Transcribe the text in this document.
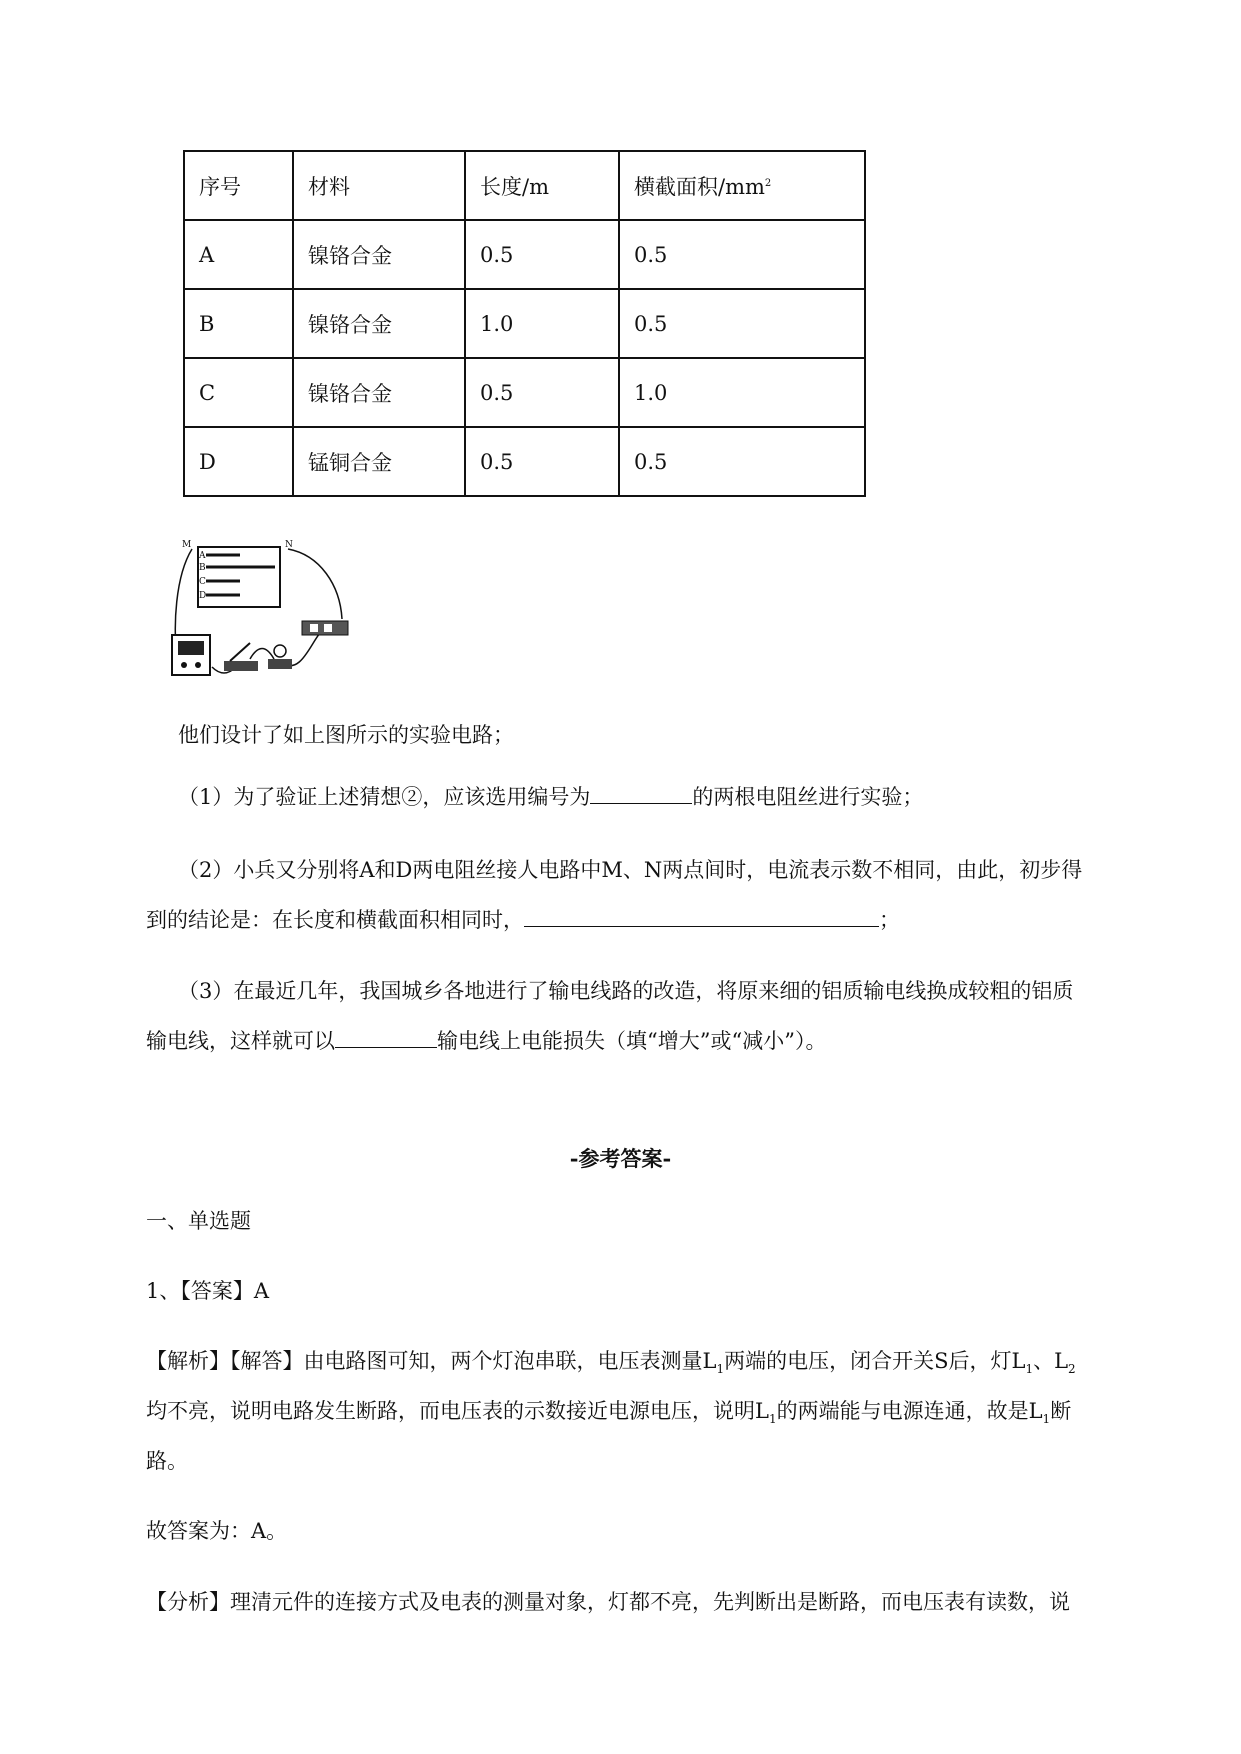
序号	材料	长度/m	横截面积$/mm^2$
A	镍铬合金	0.5	0.5
B	镍铬合金	1.0	0.5
C	镍铬合金	0.5	1.0
D	锰铜合金	0.5	0.5
A
B
C
D
M	N
他们设计了如上图所示的实验电路；
（1）为了验证上述猜想②，应该选用编号为	的两根电阻丝进行实验；
（2）小兵又分别将A和D两电阻丝接人电路中M、N两点间时，电流表示数不相同，由此，初步得
到的结论是：在长度和横截面积相同时，	；
（3）在最近几年，我国城乡各地进行了输电线路的改造，将原来细的铝质输电线换成较粗的铝质
输电线，这样就可以	输电线上电能损失（填“增大”或“减小”）。
-参考答案-
一、单选题
1、【答案】A
【解析】【解答】由电路图可知，两个灯泡串联，电压表测量$L_1$两端的电压，闭合开关S后，灯$L_1$、$L_2$
均不亮，说明电路发生断路，而电压表的示数接近电源电压，说明$L_1$的两端能与电源连通，故是$L_1$断
路。
故答案为：A。
【分析】理清元件的连接方式及电表的测量对象，灯都不亮，先判断出是断路，而电压表有读数，说
